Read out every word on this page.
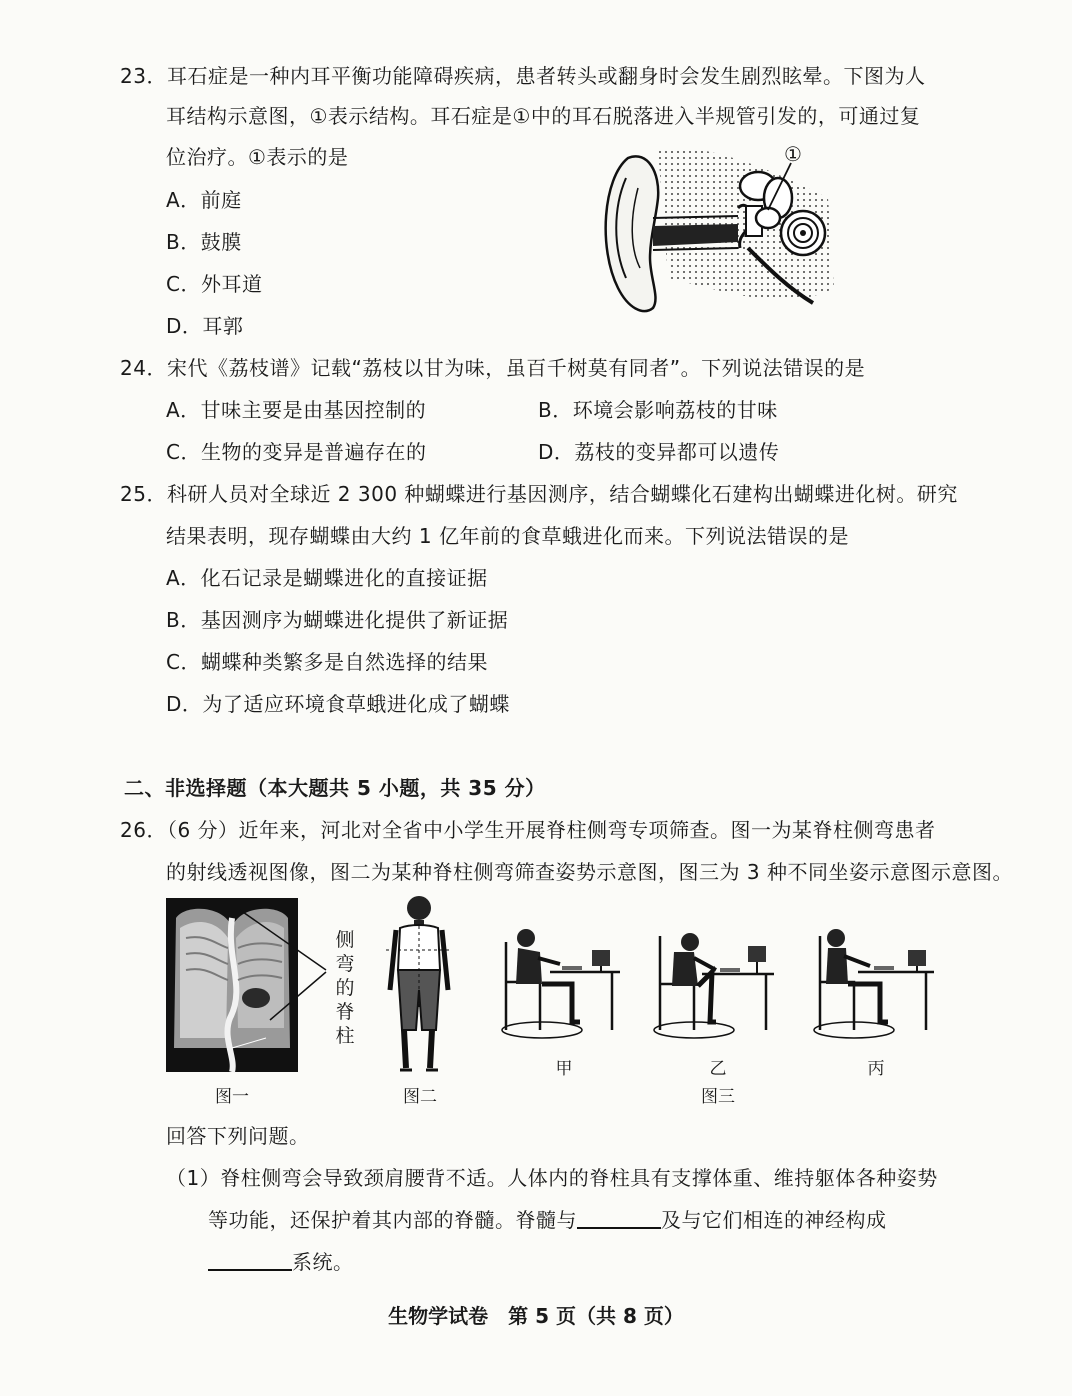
23．耳石症是一种内耳平衡功能障碍疾病，患者转头或翻身时会发生剧烈眩晕。下图为人
耳结构示意图，①表示结构。耳石症是①中的耳石脱落进入半规管引发的，可通过复
位治疗。①表示的是
A．前庭
B．鼓膜
C．外耳道
D．耳郭
①
24．宋代《荔枝谱》记载“荔枝以甘为味，虽百千树莫有同者”。下列说法错误的是
A．甘味主要是由基因控制的	B．环境会影响荔枝的甘味
C．生物的变异是普遍存在的	D．荔枝的变异都可以遗传
25．科研人员对全球近 2 300 种蝴蝶进行基因测序，结合蝴蝶化石建构出蝴蝶进化树。研究
结果表明，现存蝴蝶由大约 1 亿年前的食草蛾进化而来。下列说法错误的是
A．化石记录是蝴蝶进化的直接证据
B．基因测序为蝴蝶进化提供了新证据
C．蝴蝶种类繁多是自然选择的结果
D．为了适应环境食草蛾进化成了蝴蝶
二、非选择题（本大题共 5 小题，共 35 分）
26．（6 分）近年来，河北对全省中小学生开展脊柱侧弯专项筛查。图一为某脊柱侧弯患者
的射线透视图像，图二为某种脊柱侧弯筛查姿势示意图，图三为 3 种不同坐姿示意图示意图。
侧
弯
的
脊
柱
图一	图二
甲	乙	丙
图三
回答下列问题。
（1）脊柱侧弯会导致颈肩腰背不适。人体内的脊柱具有支撑体重、维持躯体各种姿势
等功能，还保护着其内部的脊髓。脊髓与	及与它们相连的神经构成
系统。
生物学试卷　第 5 页（共 8 页）
